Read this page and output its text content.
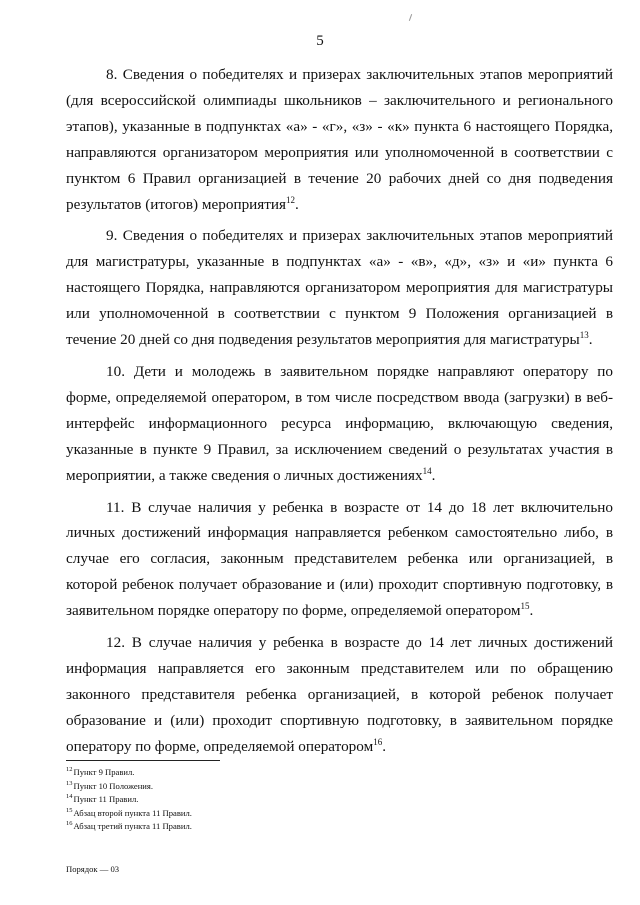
5

8. Сведения о победителях и призерах заключительных этапов мероприятий (для всероссийской олимпиады школьников – заключительного и регионального этапов), указанные в подпунктах «а» - «г», «з» - «к» пункта 6 настоящего Порядка, направляются организатором мероприятия или уполномоченной в соответствии с пунктом 6 Правил организацией в течение 20 рабочих дней со дня подведения результатов (итогов) мероприятия$^{12}$.

9. Сведения о победителях и призерах заключительных этапов мероприятий для магистратуры, указанные в подпунктах «а» - «в», «д», «з» и «и» пункта 6 настоящего Порядка, направляются организатором мероприятия для магистратуры или уполномоченной в соответствии с пунктом 9 Положения организацией в течение 20 дней со дня подведения результатов мероприятия для магистратуры$^{13}$.

10. Дети и молодежь в заявительном порядке направляют оператору по форме, определяемой оператором, в том числе посредством ввода (загрузки) в веб-интерфейс информационного ресурса информацию, включающую сведения, указанные в пункте 9 Правил, за исключением сведений о результатах участия в мероприятии, а также сведения о личных достижениях$^{14}$.

11. В случае наличия у ребенка в возрасте от 14 до 18 лет включительно личных достижений информация направляется ребенком самостоятельно либо, в случае его согласия, законным представителем ребенка или организацией, в которой ребенок получает образование и (или) проходит спортивную подготовку, в заявительном порядке оператору по форме, определяемой оператором$^{15}$.

12. В случае наличия у ребенка в возрасте до 14 лет личных достижений информация направляется его законным представителем или по обращению законного представителя ребенка организацией, в которой ребенок получает образование и (или) проходит спортивную подготовку, в заявительном порядке оператору по форме, определяемой оператором$^{16}$.

$^{12}$Пункт 9 Правил.
$^{13}$Пункт 10 Положения.
$^{14}$Пункт 11 Правил.
$^{15}$Абзац второй пункта 11 Правил.
$^{16}$Абзац третий пункта 11 Правил.
Порядок — 03
